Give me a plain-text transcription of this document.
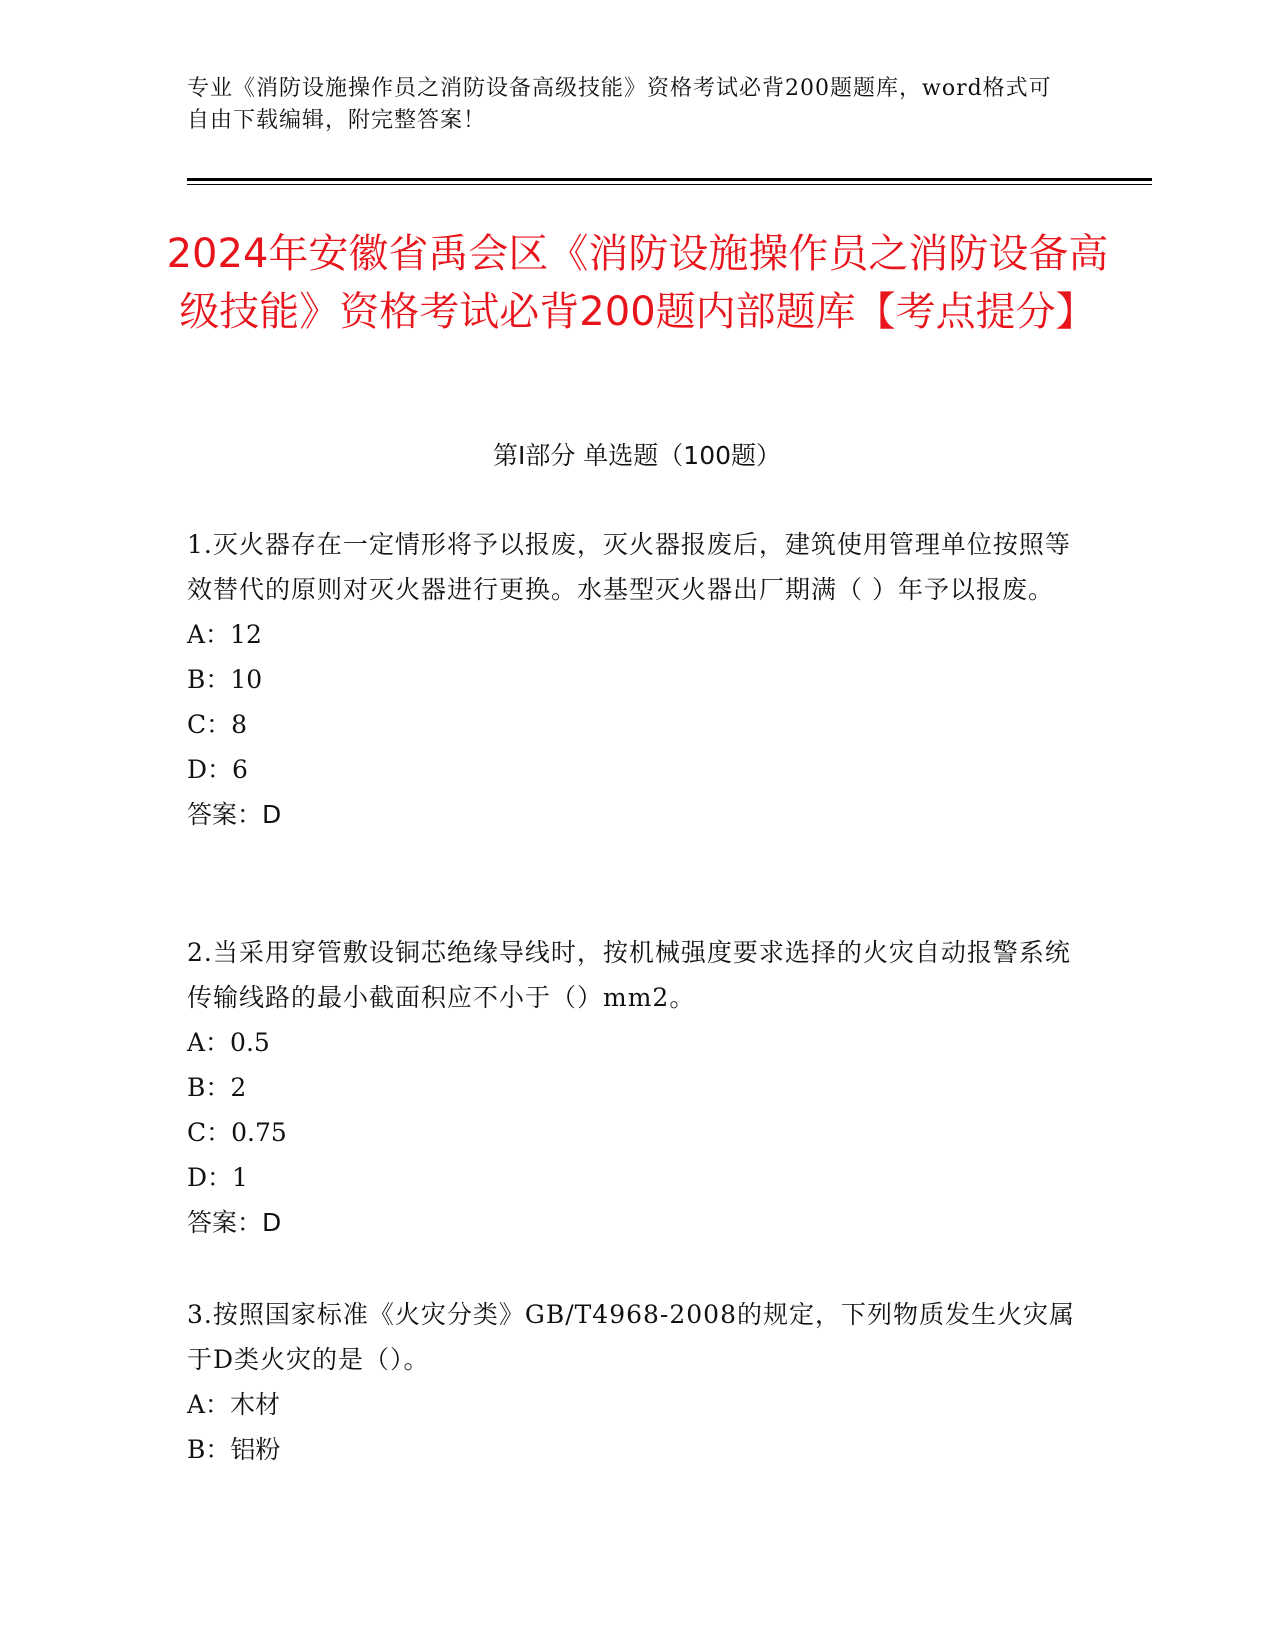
专业《消防设施操作员之消防设备高级技能》资格考试必背200题题库，word格式可自由下载编辑，附完整答案！
2024年安徽省禹会区《消防设施操作员之消防设备高级技能》资格考试必背200题内部题库【考点提分】
第I部分 单选题（100题）

1.灭火器存在一定情形将予以报废，灭火器报废后，建筑使用管理单位按照等效替代的原则对灭火器进行更换。水基型灭火器出厂期满（ ）年予以报废。

A：12

B：10

C：8

D：6

答案：D

2.当采用穿管敷设铜芯绝缘导线时，按机械强度要求选择的火灾自动报警系统传输线路的最小截面积应不小于（）mm2。

A：0.5

B：2

C：0.75

D：1

答案：D

3.按照国家标准《火灾分类》GB/T4968-2008的规定，下列物质发生火灾属于D类火灾的是（）。

A：木材

B：铝粉
